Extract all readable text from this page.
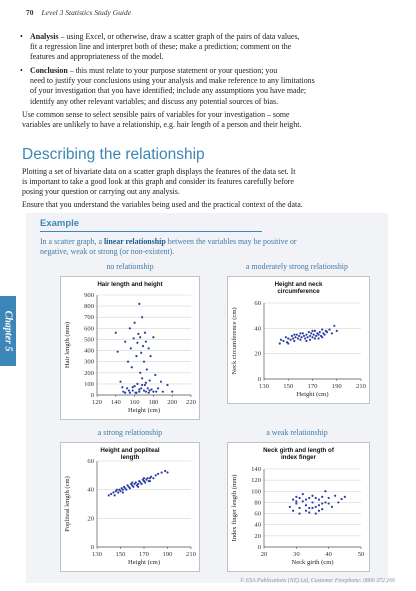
70 Level 3 Statistics Study Guide
• Analysis – using Excel, or otherwise, draw a scatter graph of the pairs of data values,
fit a regression line and interpret both of these; make a prediction; comment on the
features and appropriateness of the model.
• Conclusion – this must relate to your purpose statement or your question; you
need to justify your conclusions using your analysis and make reference to any limitations
of your investigation that you have identified; include any assumptions you have made;
identify any other relevant variables; and discuss any potential sources of bias.
Use common sense to select sensible pairs of variables for your investigation – some
variables are unlikely to have a relationship, e.g. hair length of a person and their height.
Describing the relationship
Plotting a set of bivariate data on a scatter graph displays the features of the data set. It
is important to take a good look at this graph and consider its features carefully before
posing your question or carrying out any analysis.
Ensure that you understand the variables being used and the practical context of the data.
Example
In a scatter graph, a linear relationship between the variables may be positive or
negative, weak or strong (or non-existent).
no relationship	a moderately strong relationship
a strong relationship	a weak relationship
Hair length and height
0
100
200
300
400
500
600
700
800
900
120 140 160 180 200 220
Height (cm)
Hair length (mm)
Height and neck circumference
0
20
40
60
130 150 170 190 210
Height (cm)
Neck circumference (cm)
Height and popliteal length
0
20
40
60
130 150 170 190 210
Height (cm)
Popliteal length (cm)
Neck girth and length of index finger
0
20
40
60
80
100
120
140
20	30	40	50
Neck girth (cm)
Index finger length (mm)
Chapter 5
© ESA Publications (NZ) Ltd, Customer Freephone: 0800 372 266
